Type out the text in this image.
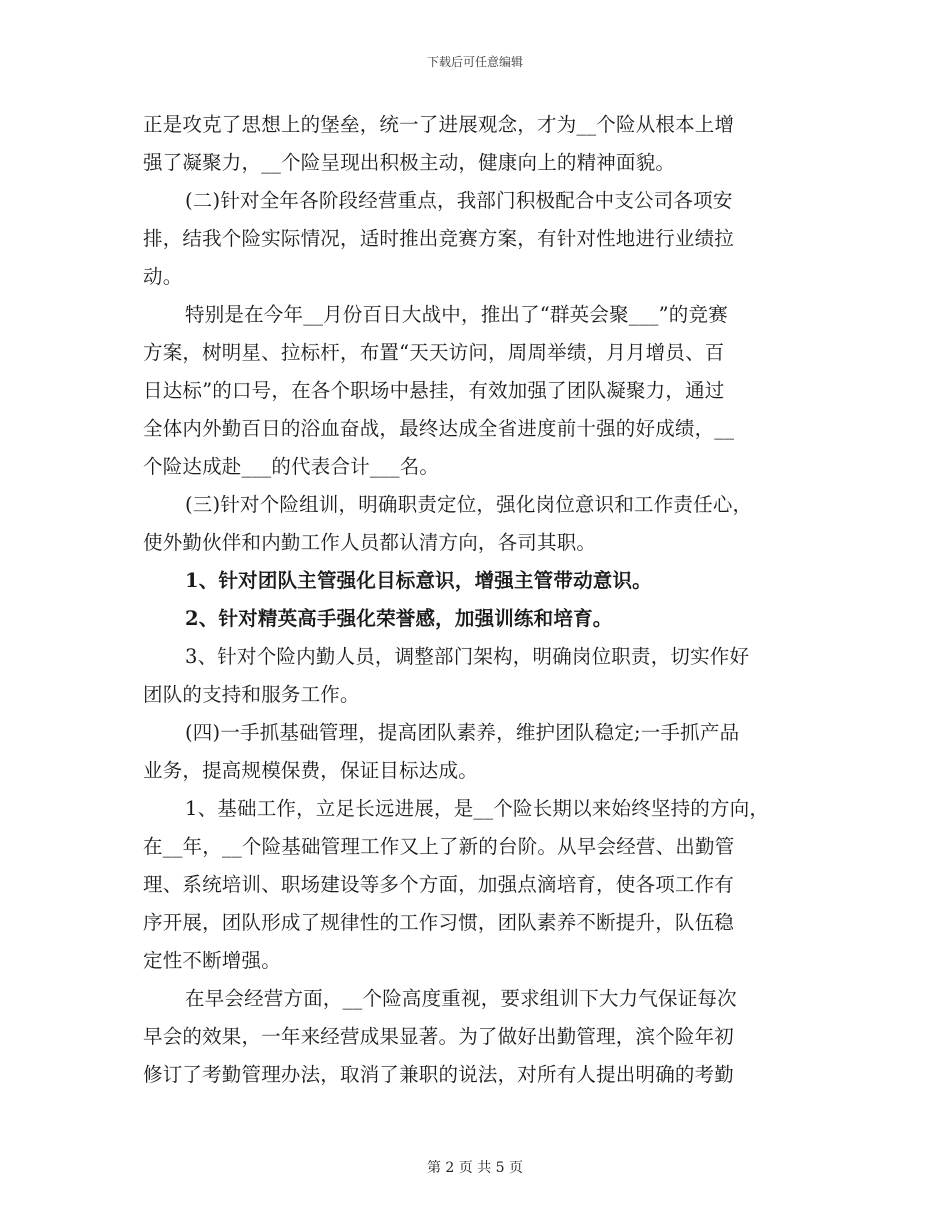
下载后可任意编辑
正是攻克了思想上的堡垒，统一了进展观念，才为__个险从根本上增
强了凝聚力，__个险呈现出积极主动，健康向上的精神面貌。
(二)针对全年各阶段经营重点，我部门积极配合中支公司各项安
排，结我个险实际情况，适时推出竞赛方案，有针对性地进行业绩拉
动。
特别是在今年__月份百日大战中，推出了“群英会聚___”的竞赛
方案，树明星、拉标杆，布置“天天访问，周周举绩，月月增员、百
日达标”的口号，在各个职场中悬挂，有效加强了团队凝聚力，通过
全体内外勤百日的浴血奋战，最终达成全省进度前十强的好成绩，__
个险达成赴___的代表合计___名。
(三)针对个险组训，明确职责定位，强化岗位意识和工作责任心，
使外勤伙伴和内勤工作人员都认清方向，各司其职。
1、针对团队主管强化目标意识，增强主管带动意识。
2、针对精英高手强化荣誉感，加强训练和培育。
3、针对个险内勤人员，调整部门架构，明确岗位职责，切实作好
团队的支持和服务工作。
(四)一手抓基础管理，提高团队素养，维护团队稳定;一手抓产品
业务，提高规模保费，保证目标达成。
1、基础工作，立足长远进展，是__个险长期以来始终坚持的方向，
在__年，__个险基础管理工作又上了新的台阶。从早会经营、出勤管
理、系统培训、职场建设等多个方面，加强点滴培育，使各项工作有
序开展，团队形成了规律性的工作习惯，团队素养不断提升，队伍稳
定性不断增强。
在早会经营方面，__个险高度重视，要求组训下大力气保证每次
早会的效果，一年来经营成果显著。为了做好出勤管理，滨个险年初
修订了考勤管理办法，取消了兼职的说法，对所有人提出明确的考勤
第 2 页 共 5 页
